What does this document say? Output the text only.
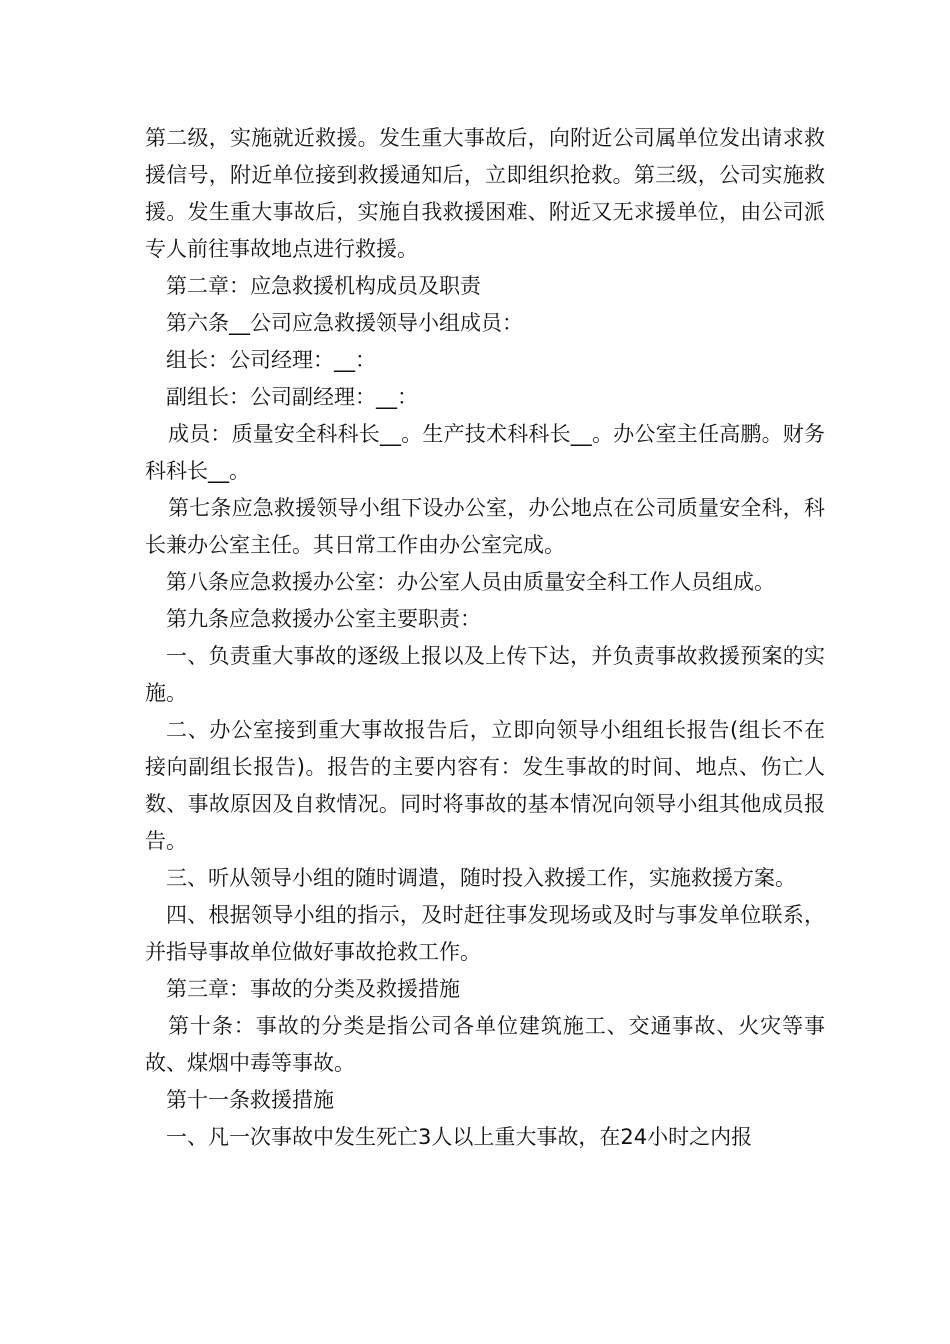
第二级，实施就近救援。发生重大事故后，向附近公司属单位发出请求救援信号，附近单位接到救援通知后，立即组织抢救。第三级，公司实施救援。发生重大事故后，实施自我救援困难、附近又无求援单位，由公司派专人前往事故地点进行救援。

第二章：应急救援机构成员及职责

第六条__公司应急救援领导小组成员：

组长：公司经理：__：

副组长：公司副经理：__：

成员：质量安全科科长__。生产技术科科长__。办公室主任高鹏。财务科科长__。

第七条应急救援领导小组下设办公室，办公地点在公司质量安全科，科长兼办公室主任。其日常工作由办公室完成。

第八条应急救援办公室：办公室人员由质量安全科工作人员组成。

第九条应急救援办公室主要职责：

一、负责重大事故的逐级上报以及上传下达，并负责事故救援预案的实施。

二、办公室接到重大事故报告后，立即向领导小组组长报告(组长不在接向副组长报告)。报告的主要内容有：发生事故的时间、地点、伤亡人数、事故原因及自救情况。同时将事故的基本情况向领导小组其他成员报告。

三、听从领导小组的随时调遣，随时投入救援工作，实施救援方案。

四、根据领导小组的指示，及时赶往事发现场或及时与事发单位联系，并指导事故单位做好事故抢救工作。

第三章：事故的分类及救援措施

第十条：事故的分类是指公司各单位建筑施工、交通事故、火灾等事故、煤烟中毒等事故。

第十一条救援措施

一、凡一次事故中发生死亡3人以上重大事故，在24小时之内报
